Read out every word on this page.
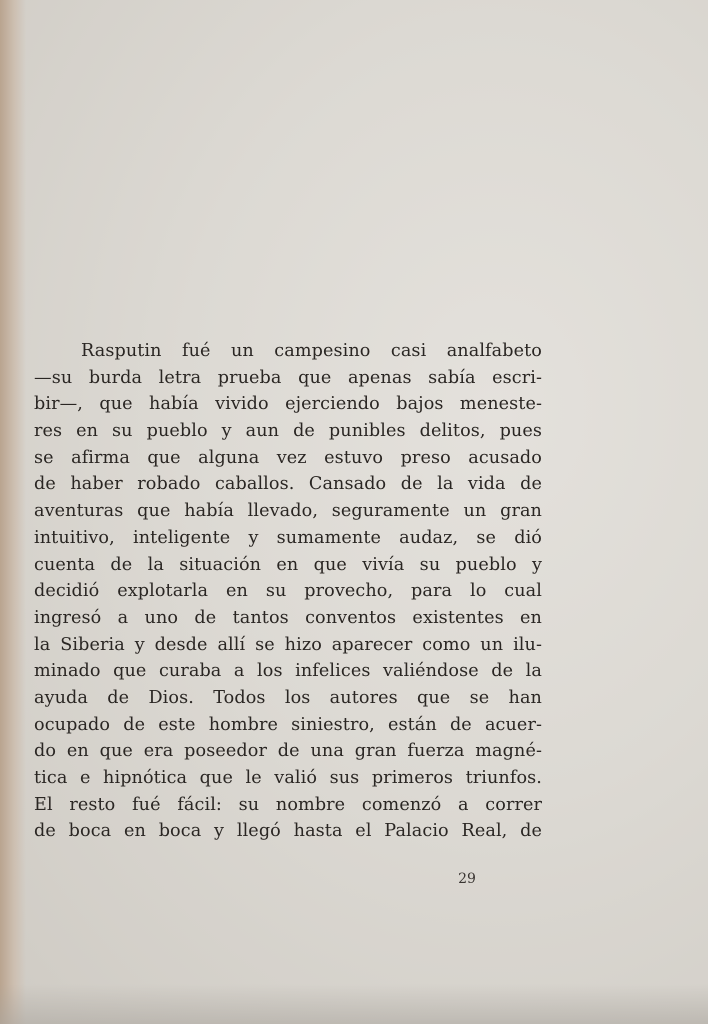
Rasputin fué un campesino casi analfabeto
—su burda letra prueba que apenas sabía escri-
bir—, que había vivido ejerciendo bajos meneste-
res en su pueblo y aun de punibles delitos, pues
se afirma que alguna vez estuvo preso acusado
de haber robado caballos. Cansado de la vida de
aventuras que había llevado, seguramente un gran
intuitivo, inteligente y sumamente audaz, se dió
cuenta de la situación en que vivía su pueblo y
decidió explotarla en su provecho, para lo cual
ingresó a uno de tantos conventos existentes en
la Siberia y desde allí se hizo aparecer como un ilu-
minado que curaba a los infelices valiéndose de la
ayuda de Dios. Todos los autores que se han
ocupado de este hombre siniestro, están de acuer-
do en que era poseedor de una gran fuerza magné-
tica e hipnótica que le valió sus primeros triunfos.
El resto fué fácil: su nombre comenzó a correr
de boca en boca y llegó hasta el Palacio Real, de
29
